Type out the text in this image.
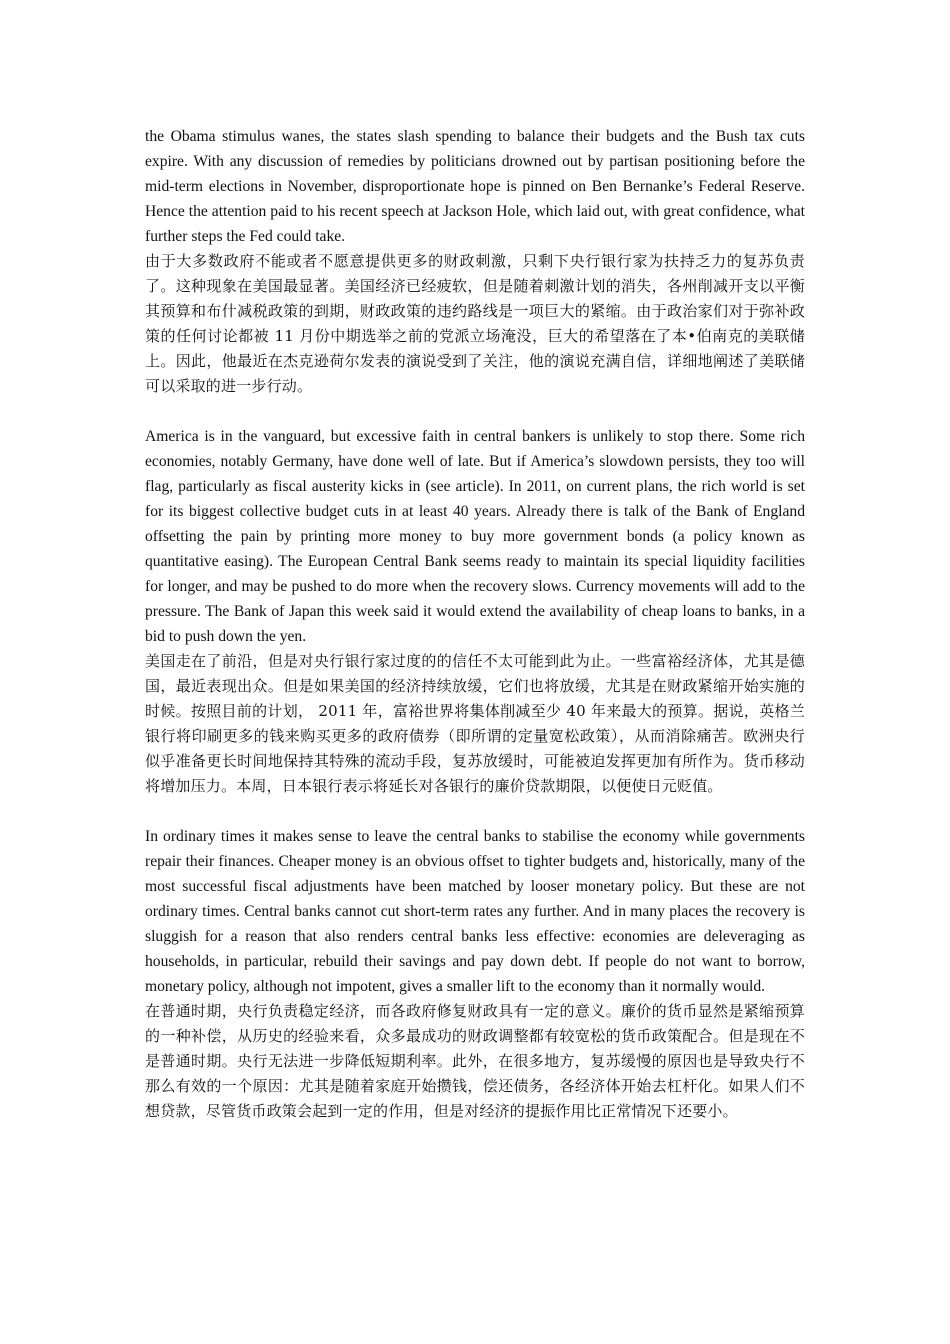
the Obama stimulus wanes, the states slash spending to balance their budgets and the Bush tax cuts expire. With any discussion of remedies by politicians drowned out by partisan positioning before the mid-term elections in November, disproportionate hope is pinned on Ben Bernanke’s Federal Reserve. Hence the attention paid to his recent speech at Jackson Hole, which laid out, with great confidence, what further steps the Fed could take.

由于大多数政府不能或者不愿意提供更多的财政刺激，只剩下央行银行家为扶持乏力的复苏负责了。这种现象在美国最显著。美国经济已经疲软，但是随着刺激计划的消失，各州削减开支以平衡其预算和布什减税政策的到期，财政政策的违约路线是一项巨大的紧缩。由于政治家们对于弥补政策的任何讨论都被 11 月份中期选举之前的党派立场淹没，巨大的希望落在了本•伯南克的美联储上。因此，他最近在杰克逊荷尔发表的演说受到了关注，他的演说充满自信，详细地阐述了美联储可以采取的进一步行动。

America is in the vanguard, but excessive faith in central bankers is unlikely to stop there. Some rich economies, notably Germany, have done well of late. But if America’s slowdown persists, they too will flag, particularly as fiscal austerity kicks in (see article). In 2011, on current plans, the rich world is set for its biggest collective budget cuts in at least 40 years. Already there is talk of the Bank of England offsetting the pain by printing more money to buy more government bonds (a policy known as quantitative easing). The European Central Bank seems ready to maintain its special liquidity facilities for longer, and may be pushed to do more when the recovery slows. Currency movements will add to the pressure. The Bank of Japan this week said it would extend the availability of cheap loans to banks, in a bid to push down the yen.

美国走在了前沿，但是对央行银行家过度的的信任不太可能到此为止。一些富裕经济体，尤其是德国，最近表现出众。但是如果美国的经济持续放缓，它们也将放缓，尤其是在财政紧缩开始实施的时候。按照目前的计划， 2011 年，富裕世界将集体削减至少 40 年来最大的预算。据说，英格兰银行将印刷更多的钱来购买更多的政府债券（即所谓的定量宽松政策），从而消除痛苦。欧洲央行似乎准备更长时间地保持其特殊的流动手段，复苏放缓时，可能被迫发挥更加有所作为。货币移动将增加压力。本周，日本银行表示将延长对各银行的廉价贷款期限，以便使日元贬值。

In ordinary times it makes sense to leave the central banks to stabilise the economy while governments repair their finances. Cheaper money is an obvious offset to tighter budgets and, historically, many of the most successful fiscal adjustments have been matched by looser monetary policy. But these are not ordinary times. Central banks cannot cut short-term rates any further. And in many places the recovery is sluggish for a reason that also renders central banks less effective: economies are deleveraging as households, in particular, rebuild their savings and pay down debt. If people do not want to borrow, monetary policy, although not impotent, gives a smaller lift to the economy than it normally would.

在普通时期，央行负责稳定经济，而各政府修复财政具有一定的意义。廉价的货币显然是紧缩预算的一种补偿，从历史的经验来看，众多最成功的财政调整都有较宽松的货币政策配合。但是现在不是普通时期。央行无法进一步降低短期利率。此外，在很多地方，复苏缓慢的原因也是导致央行不那么有效的一个原因：尤其是随着家庭开始攒钱，偿还债务，各经济体开始去杠杆化。如果人们不想贷款，尽管货币政策会起到一定的作用，但是对经济的提振作用比正常情况下还要小。
